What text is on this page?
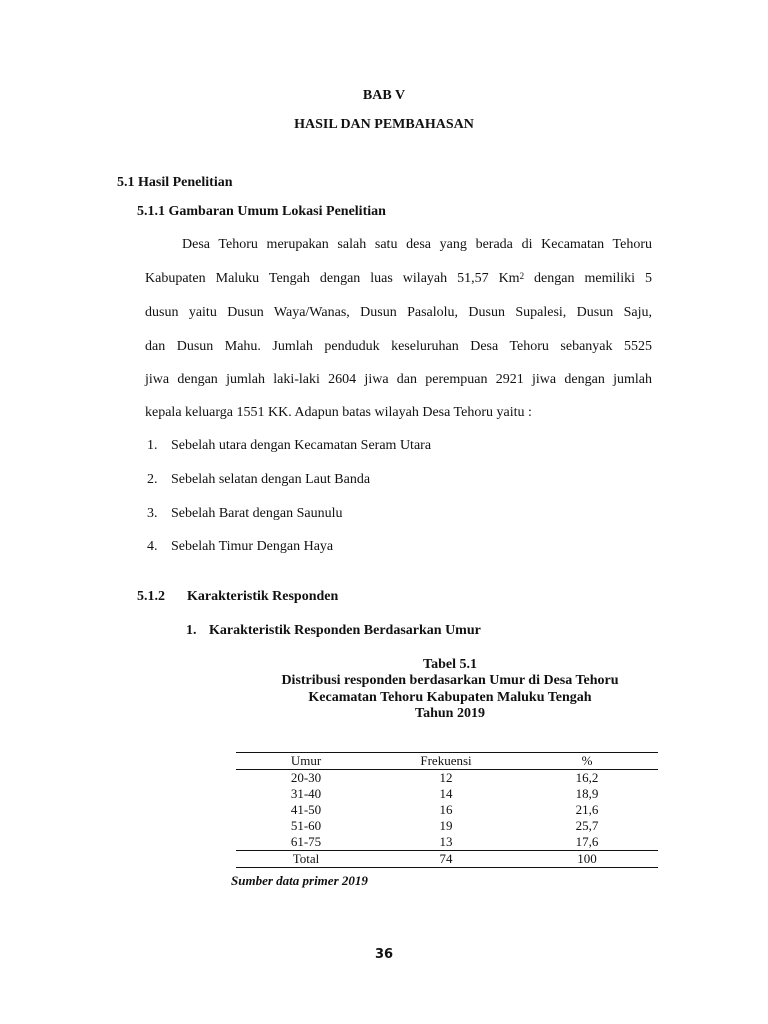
BAB V
HASIL DAN PEMBAHASAN
5.1 Hasil Penelitian
5.1.1 Gambaran Umum Lokasi Penelitian
Desa Tehoru merupakan salah satu desa yang berada di Kecamatan Tehoru
Kabupaten Maluku Tengah dengan luas wilayah 51,57 Km$^2$ dengan memiliki 5
dusun yaitu Dusun Waya/Wanas, Dusun Pasalolu, Dusun Supalesi, Dusun Saju,
dan Dusun Mahu. Jumlah penduduk keseluruhan Desa Tehoru sebanyak 5525
jiwa dengan jumlah laki-laki 2604 jiwa dan perempuan 2921 jiwa dengan jumlah
kepala keluarga 1551 KK. Adapun batas wilayah Desa Tehoru yaitu :
1. Sebelah utara dengan Kecamatan Seram Utara
2. Sebelah selatan dengan Laut Banda
3. Sebelah Barat dengan Saunulu
4. Sebelah Timur Dengan Haya
5.1.2 Karakteristik Responden
1. Karakteristik Responden Berdasarkan Umur
Tabel 5.1
Distribusi responden berdasarkan Umur di Desa Tehoru
Kecamatan Tehoru Kabupaten Maluku Tengah
Tahun 2019
Umur	Frekuensi	%
20-30	12	16,2
31-40	14	18,9
41-50	16	21,6
51-60	19	25,7
61-75	13	17,6
Total	74	100
Sumber data primer 2019
36
